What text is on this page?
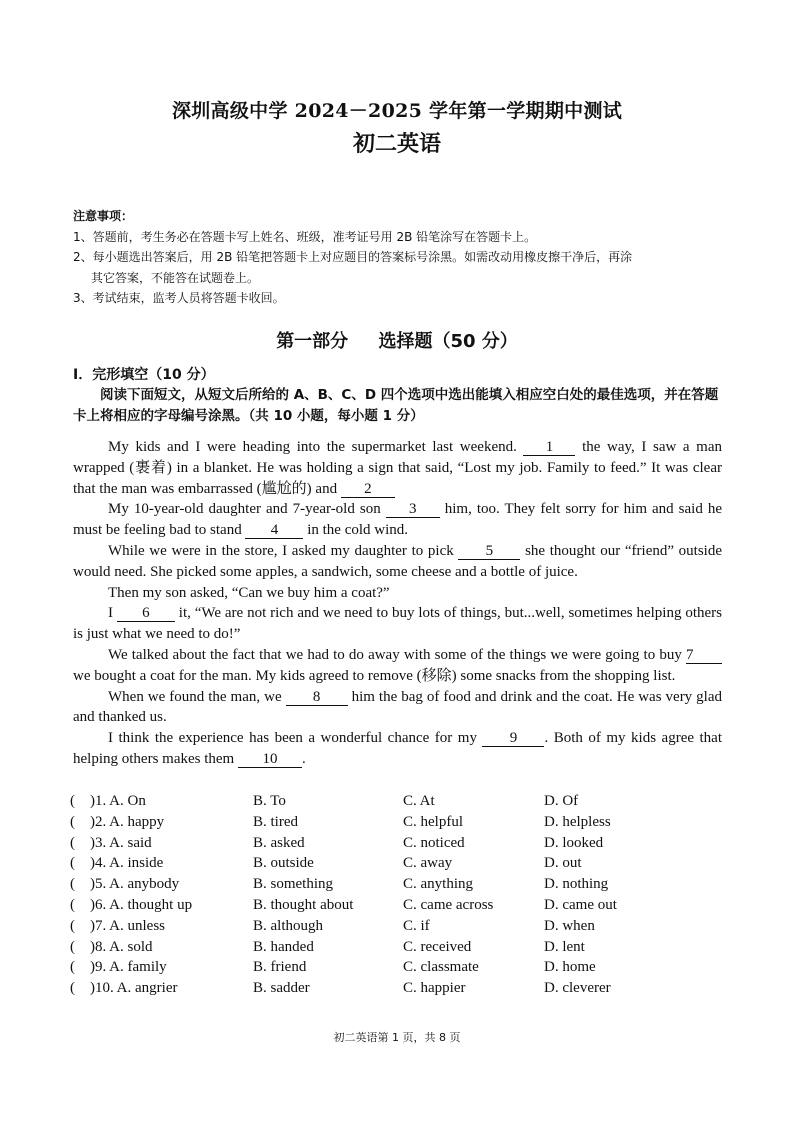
深圳高级中学 2024－2025 学年第一学期期中测试
初二英语
注意事项：
1、答题前，考生务必在答题卡写上姓名、班级，准考证号用 2B 铅笔涂写在答题卡上。
2、每小题选出答案后，用 2B 铅笔把答题卡上对应题目的答案标号涂黑。如需改动用橡皮擦干净后，再涂
其它答案，不能答在试题卷上。
3、考试结束，监考人员将答题卡收回。
第一部分 选择题（50 分）
I．完形填空（10 分）
阅读下面短文，从短文后所给的 A、B、C、D 四个选项中选出能填入相应空白处的最佳选项，并在答题卡上将相应的字母编号涂黑。（共 10 小题，每小题 1 分）

My kids and I were heading into the supermarket last weekend. 1 the way, I saw a man wrapped (裹着) in a blanket. He was holding a sign that said, “Lost my job. Family to feed.” It was clear that the man was embarrassed (尴尬的) and 2

My 10-year-old daughter and 7-year-old son 3 him, too. They felt sorry for him and said he must be feeling bad to stand 4 in the cold wind.

While we were in the store, I asked my daughter to pick 5 she thought our “friend” outside would need. She picked some apples, a sandwich, some cheese and a bottle of juice.

Then my son asked, “Can we buy him a coat?”

I 6 it, “We are not rich and we need to buy lots of things, but...well, sometimes helping others is just what we need to do!”

We talked about the fact that we had to do away with some of the things we were going to buy 7 we bought a coat for the man. My kids agreed to remove (移除) some snacks from the shopping list.

When we found the man, we 8 him the bag of food and drink and the coat. He was very glad and thanked us.

I think the experience has been a wonderful chance for my 9 . Both of my kids agree that helping others makes them 10 .

(　)1. A. On	B. To	C. At	D. Of
(　)2. A. happy	B. tired	C. helpful	D. helpless
(　)3. A. said	B. asked	C. noticed	D. looked
(　)4. A. inside	B. outside	C. away	D. out
(　)5. A. anybody	B. something	C. anything	D. nothing
(　)6. A. thought up	B. thought about	C. came across	D. came out
(　)7. A. unless	B. although	C. if	D. when
(　)8. A. sold	B. handed	C. received	D. lent
(　)9. A. family	B. friend	C. classmate	D. home
(　)10. A. angrier	B. sadder	C. happier	D. cleverer
初二英语第 1 页，共 8 页
